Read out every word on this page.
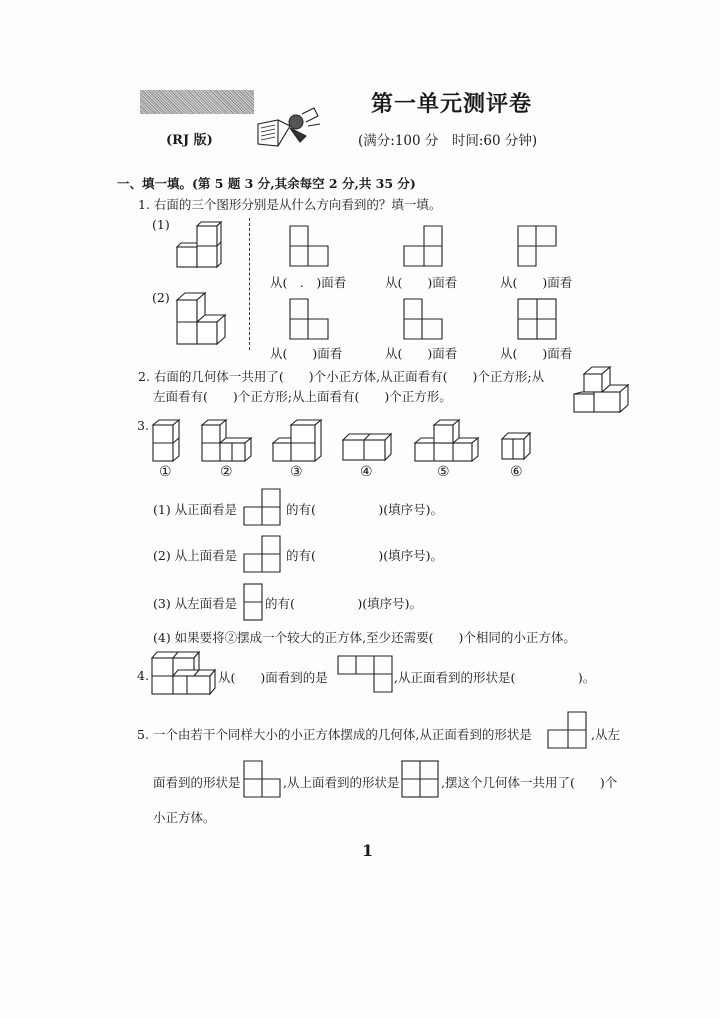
(RJ 版)
第一单元测评卷
(满分:100 分　时间:60 分钟)
一、填一填。(第 5 题 3 分,其余每空 2 分,共 35 分)
1. 右面的三个图形分别是从什么方向看到的？填一填。
(1)
(2)
从(　.　)面看	从(　　)面看	从(　　)面看
从(　　)面看	从(　　)面看	从(　　)面看
2. 右面的几何体一共用了(　　)个小正方体,从正面看有(　　)个正方形;从
左面看有(　　)个正方形;从上面看有(　　)个正方形。
3.
①	②	③	④	⑤	⑥
(1) 从正面看是	的有(　　　　　)(填序号)。
(2) 从上面看是	的有(　　　　　)(填序号)。
(3) 从左面看是 的有(　　　　　)(填序号)。
(4) 如果要将②摆成一个较大的正方体,至少还需要(　　)个相同的小正方体。
4.	从(　　)面看到的是	,从正面看到的形状是(　　　　　)。
5. 一个由若干个同样大小的小正方体摆成的几何体,从正面看到的形状是	,从左
面看到的形状是	,从上面看到的形状是	,摆这个几何体一共用了(　　)个
小正方体。
1
